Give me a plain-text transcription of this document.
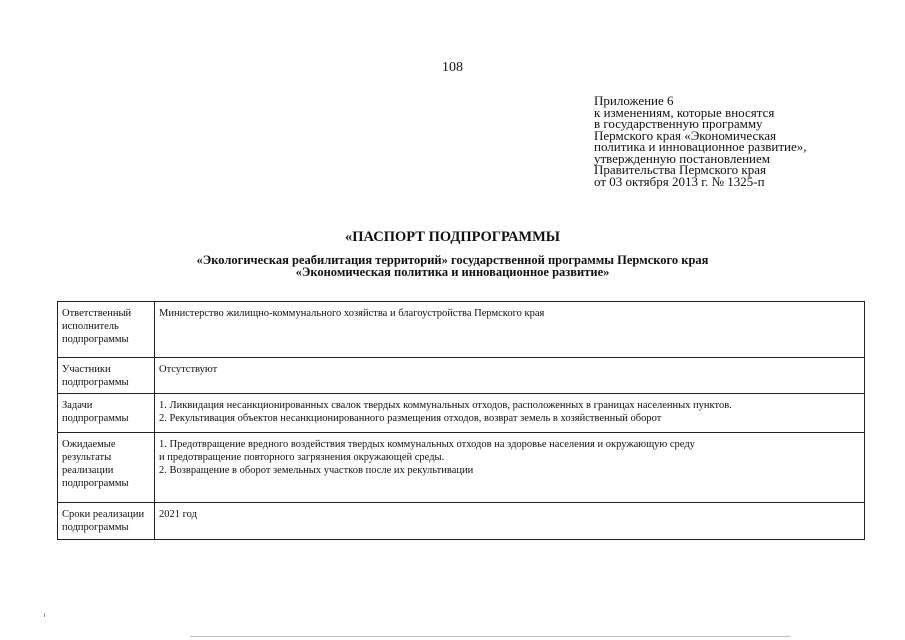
108
Приложение 6
к изменениям, которые вносятся
в государственную программу
Пермского края «Экономическая
политика и инновационное развитие»,
утвержденную постановлением
Правительства Пермского края
от 03 октября 2013 г. № 1325-п
«ПАСПОРТ ПОДПРОГРАММЫ
«Экологическая реабилитация территорий» государственной программы Пермского края
«Экономическая политика и инновационное развитие»
Ответственный исполнитель подпрограммы	Министерство жилищно-коммунального хозяйства и благоустройства Пермского края

Участники подпрограммы	Отсутствуют

Задачи подпрограммы	1. Ликвидация несанкционированных свалок твердых коммунальных отходов, расположенных в границах населенных пунктов.
2. Рекультивация объектов несанкционированного размещения отходов, возврат земель в хозяйственный оборот

Ожидаемые результаты реализации подпрограммы	1. Предотвращение вредного воздействия твердых коммунальных отходов на здоровье населения и окружающую среду
и предотвращение повторного загрязнения окружающей среды.
2. Возвращение в оборот земельных участков после их рекультивации

Сроки реализации подпрограммы	2021 год
